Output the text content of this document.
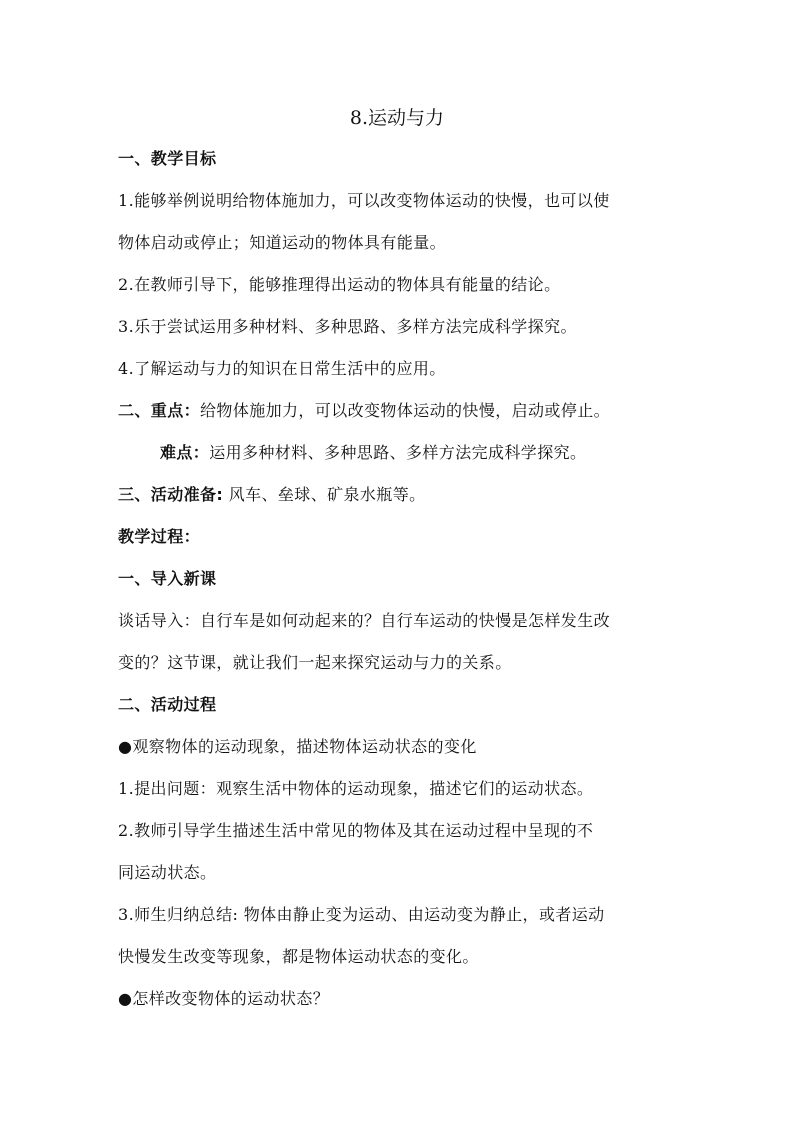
8.运动与力
一、教学目标
1.能够举例说明给物体施加力，可以改变物体运动的快慢，也可以使
物体启动或停止；知道运动的物体具有能量。
2.在教师引导下，能够推理得出运动的物体具有能量的结论。
3.乐于尝试运用多种材料、多种思路、多样方法完成科学探究。
4.了解运动与力的知识在日常生活中的应用。
二、重点：给物体施加力，可以改变物体运动的快慢，启动或停止。
难点：运用多种材料、多种思路、多样方法完成科学探究。
三、活动准备: 风车、垒球、矿泉水瓶等。
教学过程：
一、导入新课
谈话导入：自行车是如何动起来的？自行车运动的快慢是怎样发生改
变的？这节课，就让我们一起来探究运动与力的关系。
二、活动过程
●观察物体的运动现象，描述物体运动状态的变化
1.提出问题：观察生活中物体的运动现象，描述它们的运动状态。
2.教师引导学生描述生活中常见的物体及其在运动过程中呈现的不
同运动状态。
3.师生归纳总结: 物体由静止变为运动、由运动变为静止，或者运动
快慢发生改变等现象，都是物体运动状态的变化。
●怎样改变物体的运动状态？
